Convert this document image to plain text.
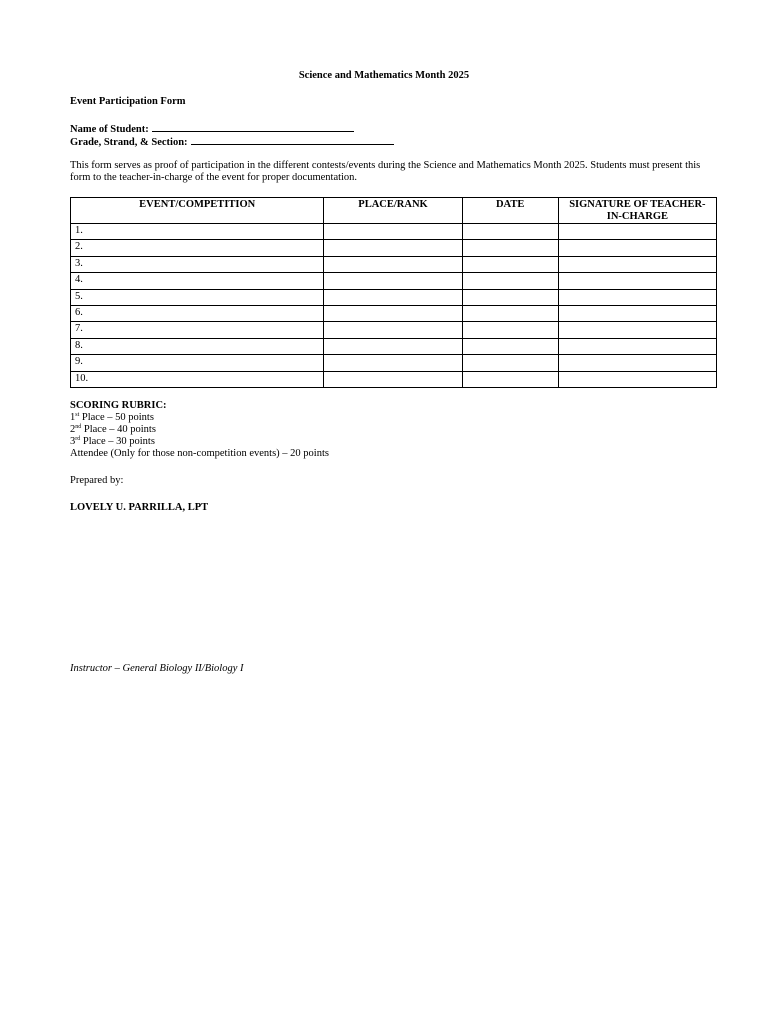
Science and Mathematics Month 2025
Event Participation Form
Name of Student:
Grade, Strand, & Section:
This form serves as proof of participation in the different contests/events during the Science and Mathematics Month 2025. Students must present this form to the teacher-in-charge of the event for proper documentation.
EVENT/COMPETITION	PLACE/RANK	DATE	SIGNATURE OF TEACHER-IN-CHARGE
1.			
2.			
3.			
4.			
5.			
6.			
7.			
8.			
9.			
10.			
SCORING RUBRIC:
1st Place – 50 points
2nd Place – 40 points
3rd Place – 30 points
Attendee (Only for those non-competition events) – 20 points
Prepared by:
LOVELY U. PARRILLA, LPT
Instructor – General Biology II/Biology I
